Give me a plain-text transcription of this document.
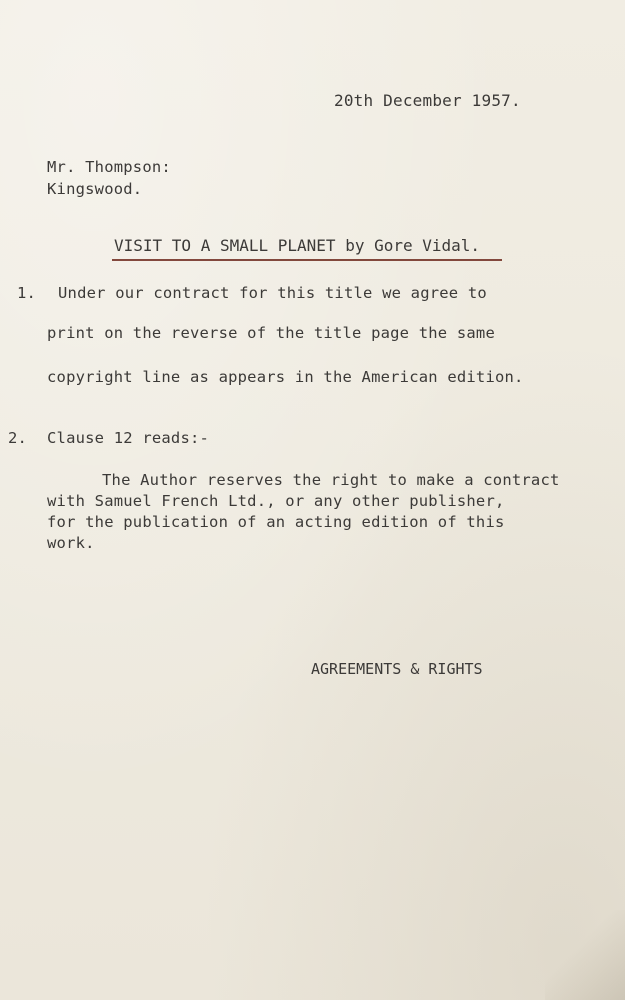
20th December 1957.
Mr. Thompson:
Kingswood.
VISIT TO A SMALL PLANET by Gore Vidal.
1. Under our contract for this title we agree to
print on the reverse of the title page the same
copyright line as appears in the American edition.
2. Clause 12 reads:-
The Author reserves the right to make a contract
with Samuel French Ltd., or any other publisher,
for the publication of an acting edition of this
work.
AGREEMENTS & RIGHTS
